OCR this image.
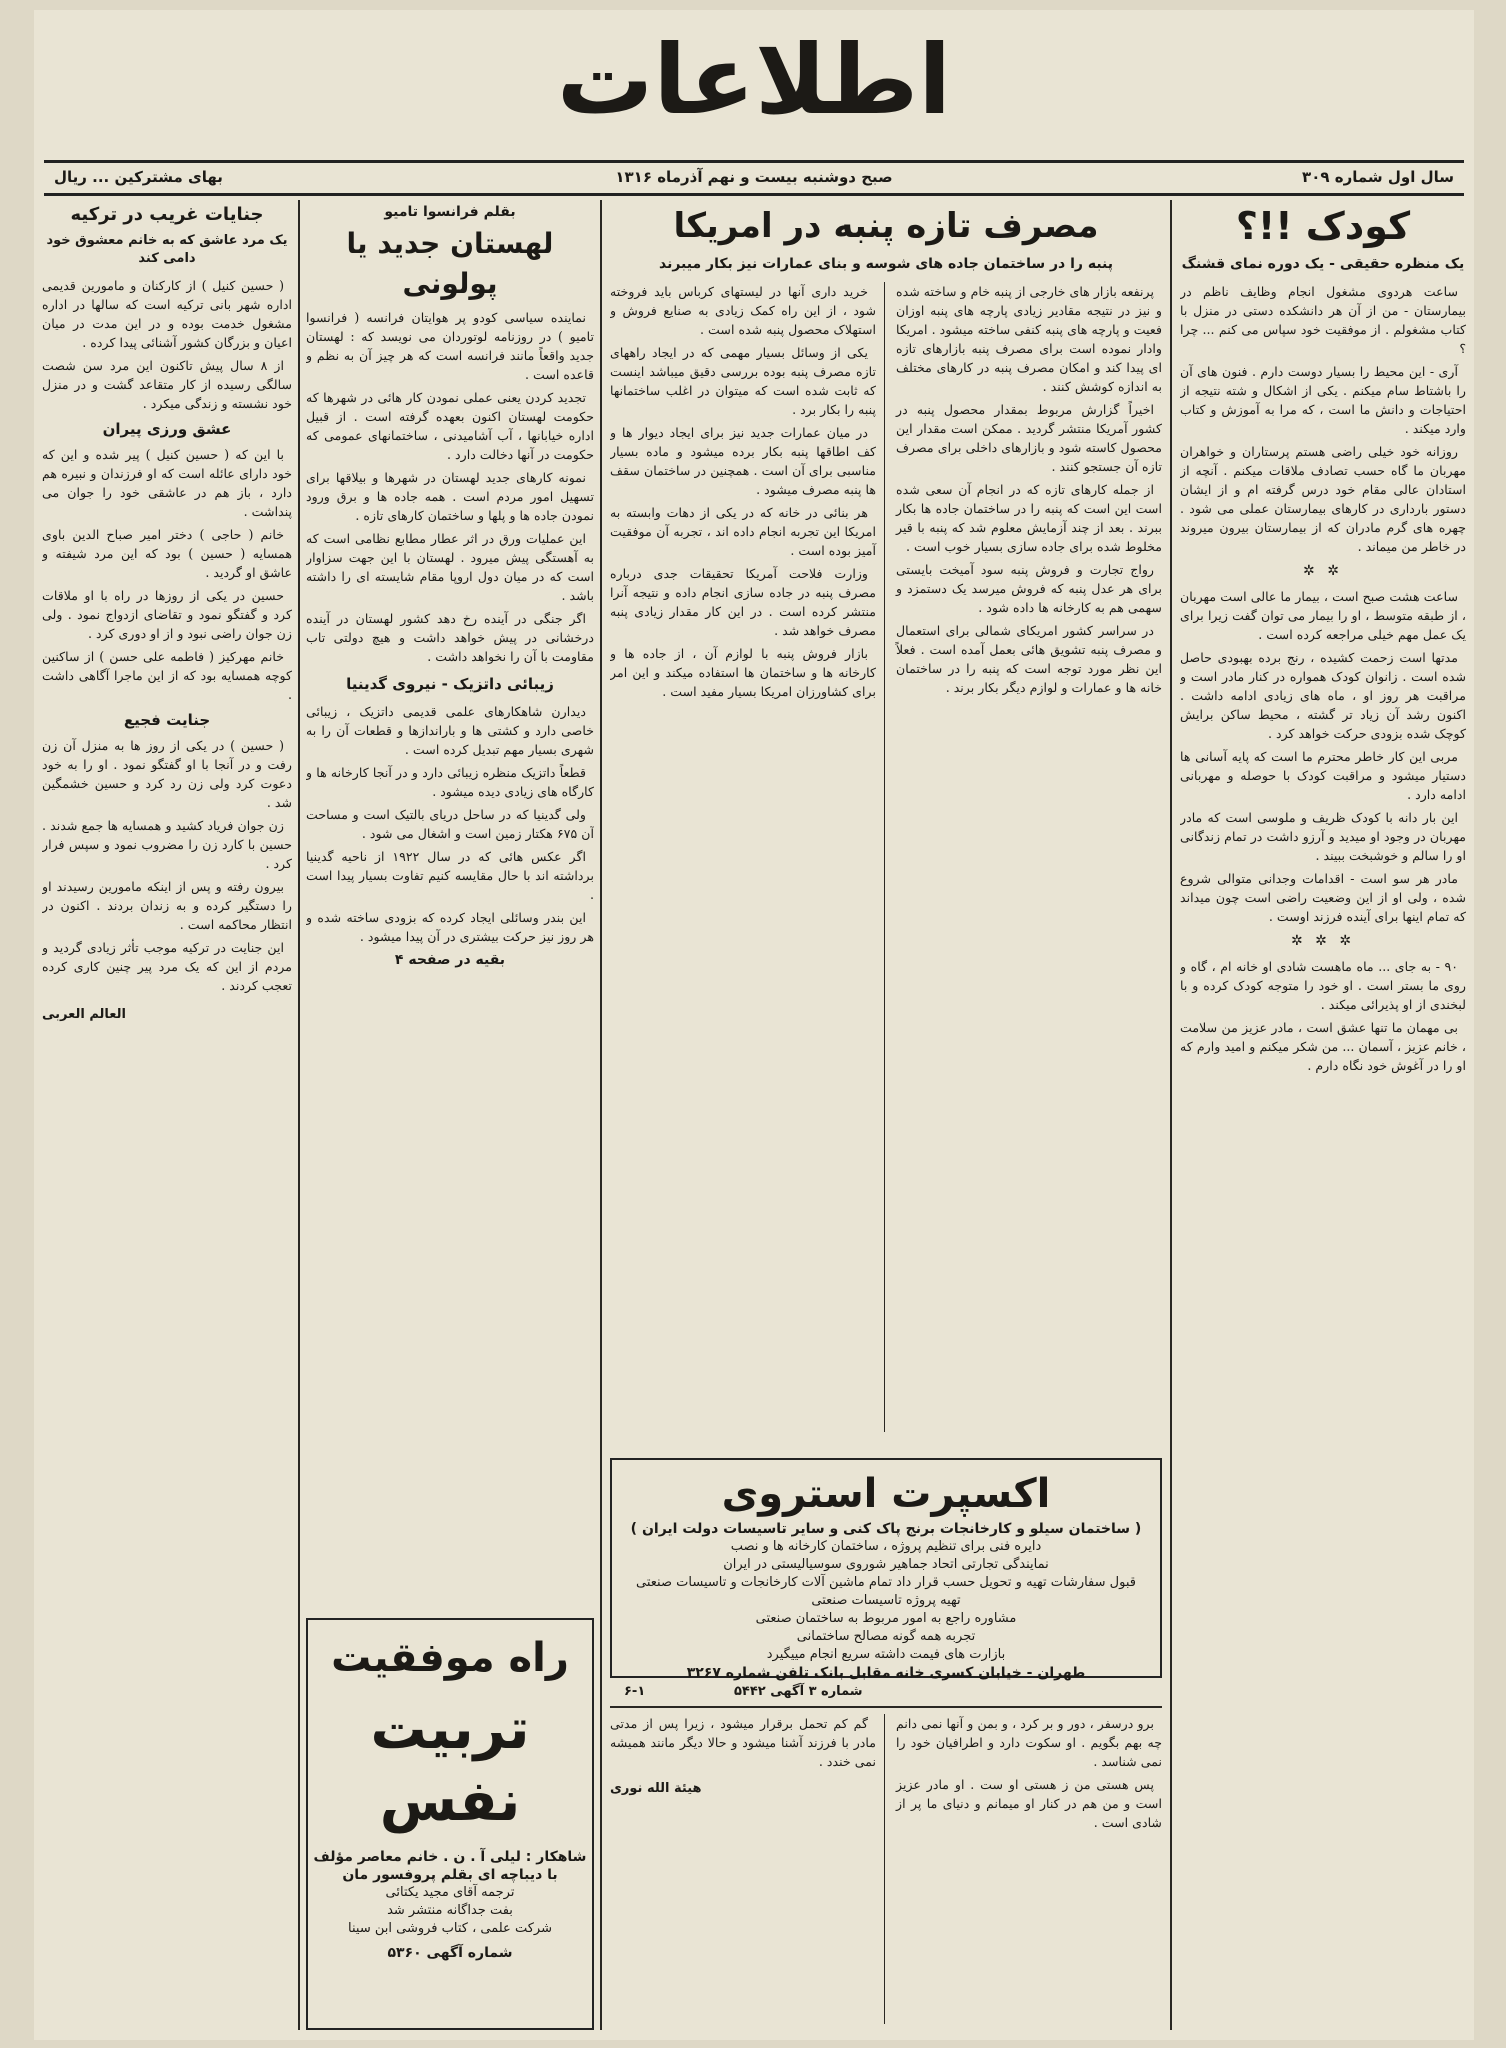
اطلاعات
سال اول شماره ۳۰۹
صبح دوشنبه بیست و نهم آذرماه ۱۳۱۶
بهای مشترکین ... ریال
کودک !!؟
یک منظره حقیقی - یک دوره نمای قشنگ

ساعت هردوی مشغول انجام وظایف ناظم در بیمارستان - من از آن هر دانشکده دستی در منزل با کتاب مشغولم . از موفقیت خود سپاس می کنم ... چرا ؟

آری - این محیط را بسیار دوست دارم . فنون های آن را باشتاط سام میکنم . یکی از اشکال و شته نتیجه از احتیاجات و دانش ما است ، که مرا به آموزش و کتاب وارد میکند .

روزانه خود خیلی راضی هستم پرستاران و خواهران مهربان ما گاه حسب تصادف ملاقات میکنم . آنچه از استادان عالی مقام خود درس گرفته ام و از ایشان دستور بارداری در کارهای بیمارستان عملی می شود . چهره های گرم مادران که از بیمارستان بیرون میروند در خاطر من میماند .

✲ ✲

ساعت هشت صبح است ، بیمار ما عالی است مهربان ، از طبقه متوسط ، او را بیمار می توان گفت زیرا برای یک عمل مهم خیلی مراجعه کرده است .

مدتها است زحمت کشیده ، رنج برده بهبودی حاصل شده است . زانوان کودک همواره در کنار مادر است و مراقبت هر روز او ، ماه های زیادی ادامه داشت . اکنون رشد آن زیاد تر گشته ، محیط ساکن برایش کوچک شده بزودی حرکت خواهد کرد .

مربی این کار خاطر محترم ما است که پایه آسانی ها دستیار میشود و مراقبت کودک با حوصله و مهربانی ادامه دارد .

این بار دانه با کودک ظریف و ملوسی است که مادر مهربان در وجود او میدید و آرزو داشت در تمام زندگانی او را سالم و خوشبخت ببیند .

مادر هر سو است - اقدامات وجدانی متوالی شروع شده ، ولی او از این وضعیت راضی است چون میداند که تمام اینها برای آینده فرزند اوست .

✲ ✲ ✲

۹۰ - به جای ... ماه ماهست شادی او خانه ام ، گاه و روی ما بستر است . او خود را متوجه کودک کرده و با لبخندی از او پذیرائی میکند .

بی مهمان ما تنها عشق است ، مادر عزیز من سلامت ، خانم عزیز ، آسمان ... من شکر میکنم و امید وارم که او را در آغوش خود نگاه دارم .

مصرف تازه پنبه در امریکا
پنبه را در ساختمان جاده های شوسه و بنای عمارات نیز بکار میبرند

پرنفعه بازار های خارجی از پنبه خام و ساخته شده و نیز در نتیجه مقادیر زیادی پارچه های پنبه اوزان فعیت و پارچه های پنبه کنفی ساخته میشود . امریکا وادار نموده است برای مصرف پنبه بازارهای تازه ای پیدا کند و امکان مصرف پنبه در کارهای مختلف به اندازه کوشش کنند .

اخیراً گزارش مربوط بمقدار محصول پنبه در کشور آمریکا منتشر گردید . ممکن است مقدار این محصول کاسته شود و بازارهای داخلی برای مصرف تازه آن جستجو کنند .

از جمله کارهای تازه که در انجام آن سعی شده است این است که پنبه را در ساختمان جاده ها بکار ببرند . بعد از چند آزمایش معلوم شد که پنبه با قیر مخلوط شده برای جاده سازی بسیار خوب است .

رواج تجارت و فروش پنبه سود آمیخت بایستی برای هر عدل پنبه که فروش میرسد یک دستمزد و سهمی هم به کارخانه ها داده شود .

در سراسر کشور امریکای شمالی برای استعمال و مصرف پنبه تشویق هائی بعمل آمده است . فعلاً این نظر مورد توجه است که پنبه را در ساختمان خانه ها و عمارات و لوازم دیگر بکار برند .

خرید داری آنها در لیستهای کرباس باید فروخته شود ، از این راه کمک زیادی به صنایع فروش و استهلاک محصول پنبه شده است .

یکی از وسائل بسیار مهمی که در ایجاد راههای تازه مصرف پنبه بوده بررسی دقیق میباشد اینست که ثابت شده است که میتوان در اغلب ساختمانها پنبه را بکار برد .

در میان عمارات جدید نیز برای ایجاد دیوار ها و کف اطاقها پنبه بکار برده میشود و ماده بسیار مناسبی برای آن است . همچنین در ساختمان سقف ها پنبه مصرف میشود .

هر بنائی در خانه که در یکی از دهات وابسته به امریکا این تجربه انجام داده اند ، تجربه آن موفقیت آمیز بوده است .

وزارت فلاحت آمریکا تحقیقات جدی درباره مصرف پنبه در جاده سازی انجام داده و نتیجه آنرا منتشر کرده است . در این کار مقدار زیادی پنبه مصرف خواهد شد .

بازار فروش پنبه با لوازم آن ، از جاده ها و کارخانه ها و ساختمان ها استفاده میکند و این امر برای کشاورزان امریکا بسیار مفید است .

اکسپرت استروی

( ساختمان سیلو و کارخانجات برنج پاک کنی و سایر تاسیسات دولت ایران )

دایره فنی برای تنظیم پروژه ، ساختمان کارخانه ها و نصب

نمایندگی تجارتی اتحاد جماهیر شوروی سوسیالیستی در ایران

قبول سفارشات تهیه و تحویل حسب قرار داد تمام ماشین آلات کارخانجات و تاسیسات صنعتی

تهیه پروژه تاسیسات صنعتی

مشاوره راجع به امور مربوط به ساختمان صنعتی

تجربه همه گونه مصالح ساختمانی

بازارت های فیمت داشته سریع انجام مییگیرد

طهران - خیابان کسری خانه مقابل بانک تلفن شماره ۳۲۶۷

شماره ۳ آگهی ۵۴۴۲
۶-۱

برو درسفر ، دور و بر کرد ، و بمن و آنها نمی دانم چه بهم بگویم . او سکوت دارد و اطرافیان خود را نمی شناسد .

پس هستی من ز هستی او ست . او مادر عزیز است و من هم در کنار او میمانم و دنیای ما پر از شادی است .

گم کم تحمل برقرار میشود ، زیرا پس از مدتی مادر با فرزند آشنا میشود و حالا دیگر مانند همیشه نمی خندد .

هیئة الله نوری

بقلم فرانسوا تامیو
لهستان جدید یا پولونی

نماینده سیاسی کودو پر هوایتان فرانسه ( فرانسوا تامیو ) در روزنامه لوتوردان می نویسد که : لهستان جدید واقعاً مانند فرانسه است که هر چیز آن به نظم و قاعده است .

تجدید کردن یعنی عملی نمودن کار هائی در شهرها که حکومت لهستان اکنون بعهده گرفته است . از قبیل اداره خیابانها ، آب آشامیدنی ، ساختمانهای عمومی که حکومت در آنها دخالت دارد .

نمونه کارهای جدید لهستان در شهرها و بیلاقها برای تسهیل امور مردم است . همه جاده ها و برق ورود نمودن جاده ها و پلها و ساختمان کارهای تازه .

این عملیات ورق در اثر عطار مطابع نظامی است که به آهستگی پیش میرود . لهستان با این جهت سزاوار است که در میان دول اروپا مقام شایسته ای را داشته باشد .

اگر جنگی در آینده رخ دهد کشور لهستان در آینده درخشانی در پیش خواهد داشت و هیچ دولتی تاب مقاومت با آن را نخواهد داشت .

زیبائی داتزیک - نیروی گدینیا

دیدارن شاهکارهای علمی قدیمی داتزیک ، زیبائی خاصی دارد و کشتی ها و باراندازها و قطعات آن را به شهری بسیار مهم تبدیل کرده است .

قطعاً داتزیک منظره زیبائی دارد و در آنجا کارخانه ها و کارگاه های زیادی دیده میشود .

ولی گدینیا که در ساحل دریای بالتیک است و مساحت آن ۶۷۵ هکتار زمین است و اشغال می شود .

اگر عکس هائی که در سال ۱۹۲۲ از ناحیه گدینیا برداشته اند با حال مقایسه کنیم تفاوت بسیار پیدا است .

این بندر وسائلی ایجاد کرده که بزودی ساخته شده و هر روز نیز حرکت بیشتری در آن پیدا میشود .

بقیه در صفحه ۴
راه موفقیت
تربیت نفس

شاهکار : لیلی آ . ن . خانم معاصر مؤلف

با دیباچه ای بقلم پروفسور مان

ترجمه آقای مجید یکتائی

بفت جداگانه منتشر شد

شرکت علمی ، کتاب فروشی ابن سینا

شماره آگهی ۵۳۶۰

جنایات غریب در ترکیه
یک مرد عاشق که به خانم معشوق خود دامی کند

( حسین کنیل ) از کارکنان و مامورین قدیمی اداره شهر بانی ترکیه است که سالها در اداره مشغول خدمت بوده و در این مدت در میان اعیان و بزرگان کشور آشنائی پیدا کرده .

از ۸ سال پیش تاکنون این مرد سن شصت سالگی رسیده از کار متقاعد گشت و در منزل خود نشسته و زندگی میکرد .

عشق ورزی پیران

با این که ( حسین کنیل ) پیر شده و این که خود دارای عائله است که او فرزندان و نبیره هم دارد ، باز هم در عاشقی خود را جوان می پنداشت .

خانم ( حاجی ) دختر امیر صباح الدین باوی همسایه ( حسین ) بود که این مرد شیفته و عاشق او گردید .

حسین در یکی از روزها در راه با او ملاقات کرد و گفتگو نمود و تقاضای ازدواج نمود . ولی زن جوان راضی نبود و از او دوری کرد .

خانم مهرکیز ( فاطمه علی حسن ) از ساکنین کوچه همسایه بود که از این ماجرا آگاهی داشت .

جنایت فجیع

( حسین ) در یکی از روز ها به منزل آن زن رفت و در آنجا با او گفتگو نمود . او را به خود دعوت کرد ولی زن رد کرد و حسین خشمگین شد .

زن جوان فریاد کشید و همسایه ها جمع شدند . حسین با کارد زن را مضروب نمود و سپس فرار کرد .

بیرون رفته و پس از اینکه مامورین رسیدند او را دستگیر کرده و به زندان بردند . اکنون در انتظار محاکمه است .

این جنایت در ترکیه موجب تأثر زیادی گردید و مردم از این که یک مرد پیر چنین کاری کرده تعجب کردند .

العالم العربی
